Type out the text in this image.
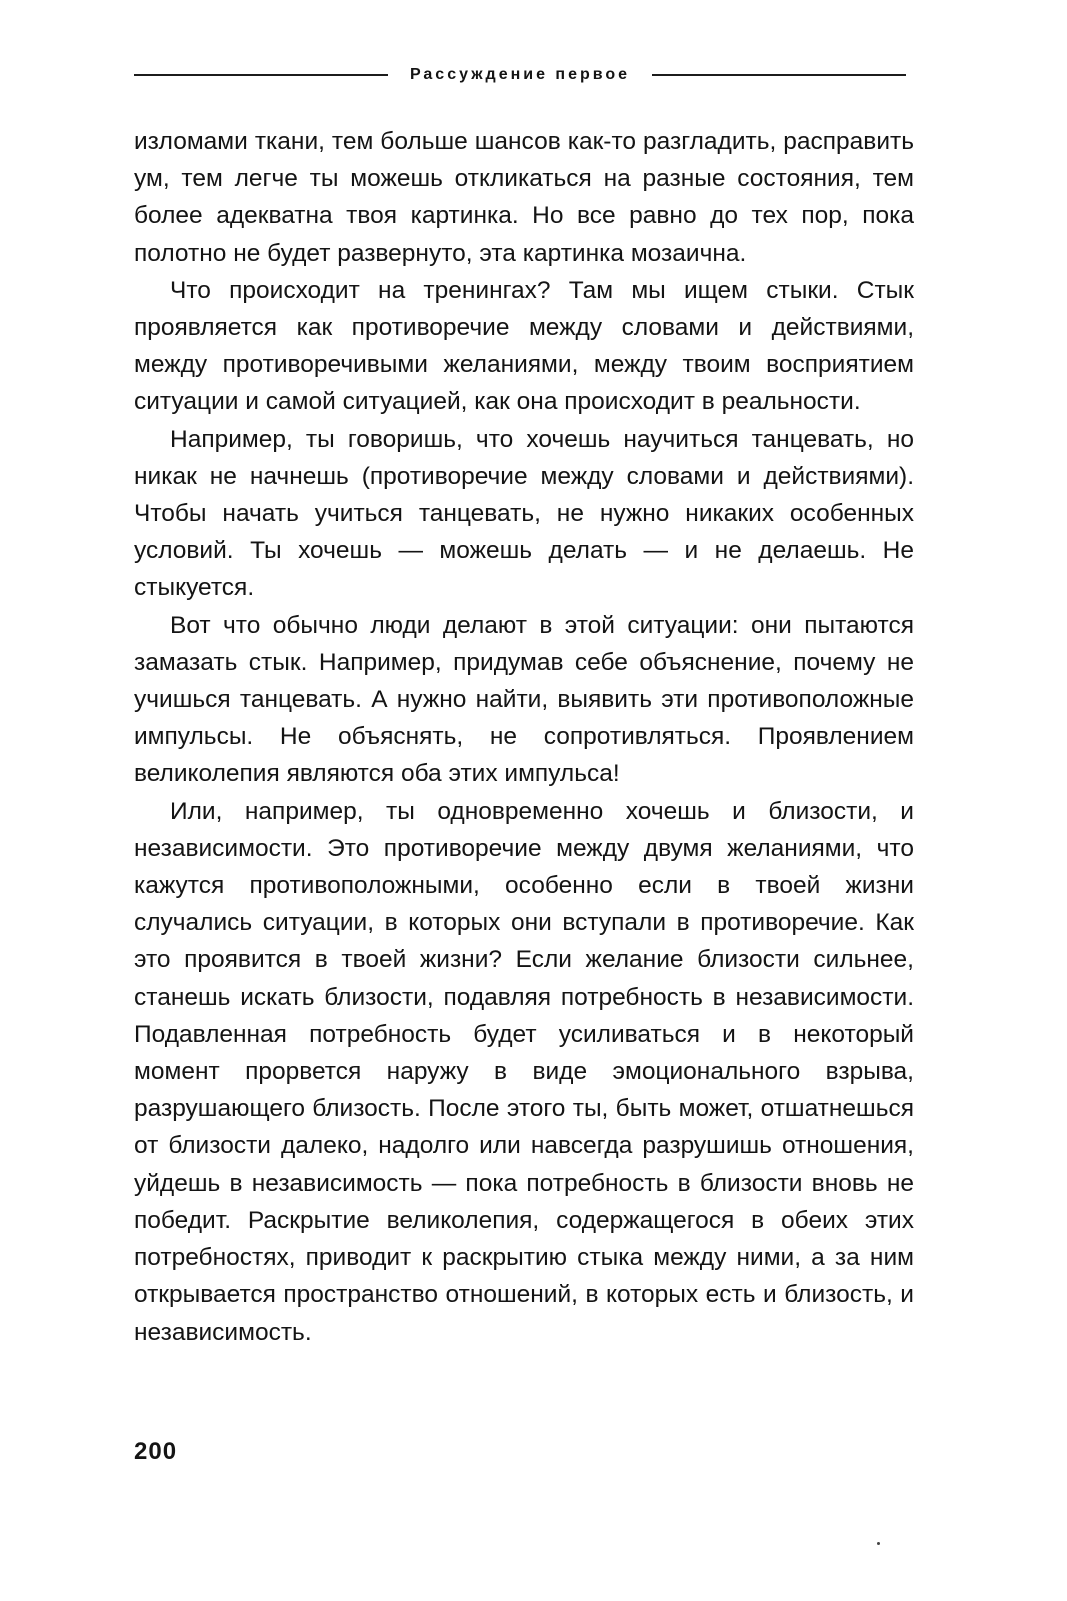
Рассуждение первое

изломами ткани, тем больше шансов как-то разгладить, расправить ум, тем легче ты можешь откликаться на разные состояния, тем более адекватна твоя картинка. Но все равно до тех пор, пока полотно не будет развернуто, эта картинка мозаична.

Что происходит на тренингах? Там мы ищем стыки. Стык проявляется как противоречие между словами и действиями, между противоречивыми желаниями, между твоим восприятием ситуации и самой ситуацией, как она происходит в реальности.

Например, ты говоришь, что хочешь научиться танцевать, но никак не начнешь (противоречие между словами и действиями). Чтобы начать учиться танцевать, не нужно никаких особенных условий. Ты хочешь — можешь делать — и не делаешь. Не стыкуется.

Вот что обычно люди делают в этой ситуации: они пытаются замазать стык. Например, придумав себе объяснение, почему не учишься танцевать. А нужно найти, выявить эти противоположные импульсы. Не объяснять, не сопротивляться. Проявлением великолепия являются оба этих импульса!

Или, например, ты одновременно хочешь и близости, и независимости. Это противоречие между двумя желаниями, что кажутся противоположными, особенно если в твоей жизни случались ситуации, в которых они вступали в противоречие. Как это проявится в твоей жизни? Если желание близости сильнее, станешь искать близости, подавляя потребность в независимости. Подавленная потребность будет усиливаться и в некоторый момент прорвется наружу в виде эмоционального взрыва, разрушающего близость. После этого ты, быть может, отшатнешься от близости далеко, надолго или навсегда разрушишь отношения, уйдешь в независимость — пока потребность в близости вновь не победит. Раскрытие великолепия, содержащегося в обеих этих потребностях, приводит к раскрытию стыка между ними, а за ним открывается пространство отношений, в которых есть и близость, и независимость.

200
